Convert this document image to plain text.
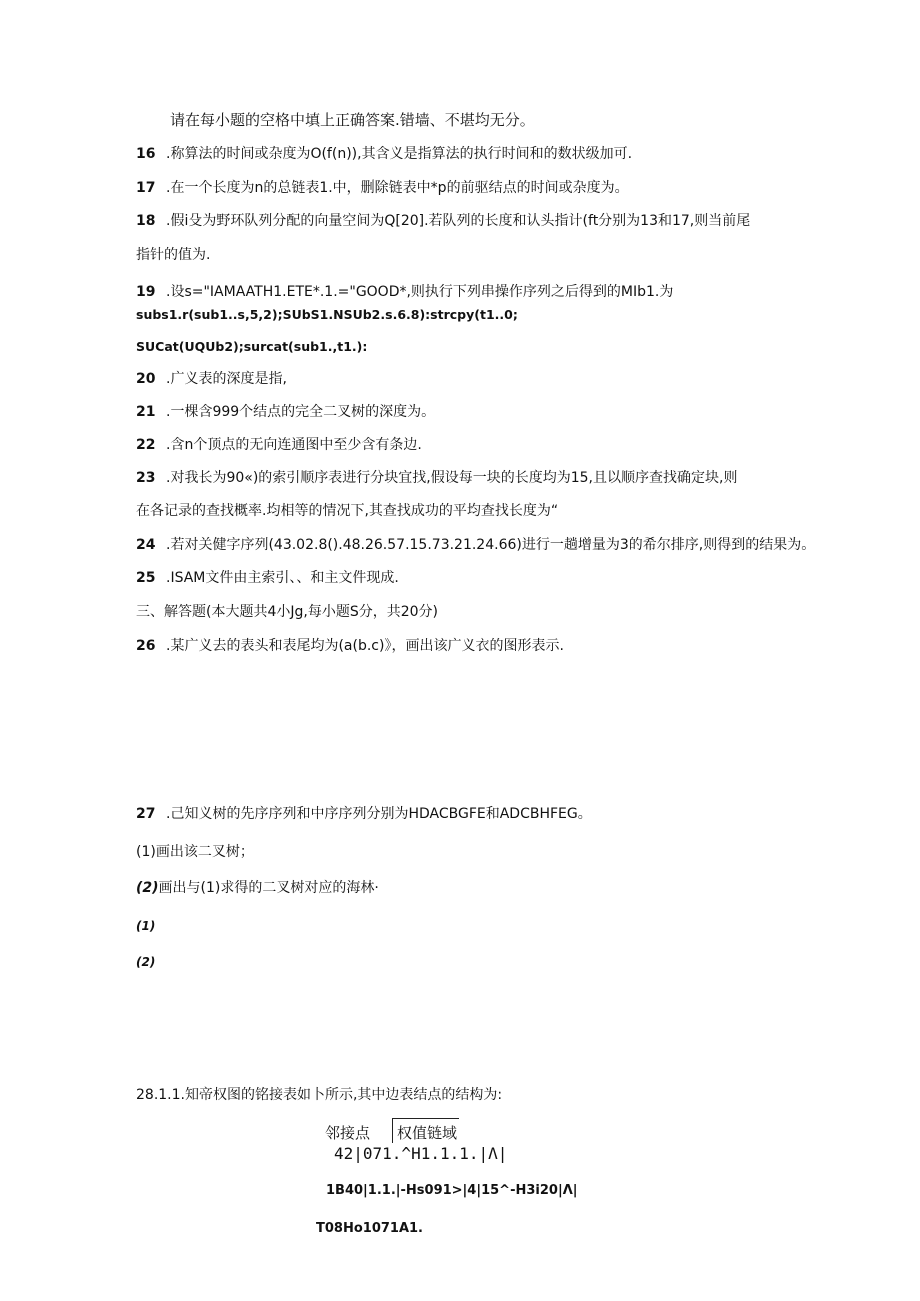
请在每小题的空格中填上正确答案.错墙、不堪均无分。
16 .称算法的时间或杂度为O(f(n)),其含义是指算法的执行时间和的数状级加可.
17 .在一个长度为n的总链表1.中，删除链表中*p的前驱结点的时间或杂度为。
18 .假i殳为野环队列分配的向量空间为Q[20].若队列的长度和认头指计(ft分别为13和17,则当前尾
指针的值为.
19 .设s="IAMAATH1.ETE*.1.="GOOD*,则执行下列串操作序列之后得到的MIb1.为
subs1.r(sub1..s,5,2);SUbS1.NSUb2.s.6.8):strcpy(t1..0;
SUCat(UQUb2);surcat(sub1.,t1.):
20 .广义表的深度是指,
21 .一棵含999个结点的完全二叉树的深度为。
22 .含n个顶点的无向连通图中至少含有条边.
23 .对我长为90«)的索引顺序表进行分块宜找,假设每一块的长度均为15,且以顺序查找确定块,则
在各记录的查找概率.均相等的情况下,其查找成功的平均查找长度为“
24 .若对关健字序列(43.02.8().48.26.57.15.73.21.24.66)进行一趟增量为3的希尔排序,则得到的结果为。
25 .ISAM文件由主索引、、和主文件现成.
三、解答题(本大题共4小Jg,每小题S分，共20分)
26 .某广义去的表头和表尾均为(a(b.c)》，画出该广义衣的图形表示.
27 .己知义树的先序序列和中序序列分别为HDACBGFE和ADCBHFEG。
(1)画出该二叉树；
(2)画出与(1)求得的二叉树对应的海林·
(1)
(2)
28.1.1.知帝权图的铭接表如卜所示,其中边表结点的结构为:
邻接点 权值链域
42|071.^H1.1.1.|Λ|
1B40|1.1.|-Hs091>|4|15^-H3i20|Λ|
T08Ho1071A1.
